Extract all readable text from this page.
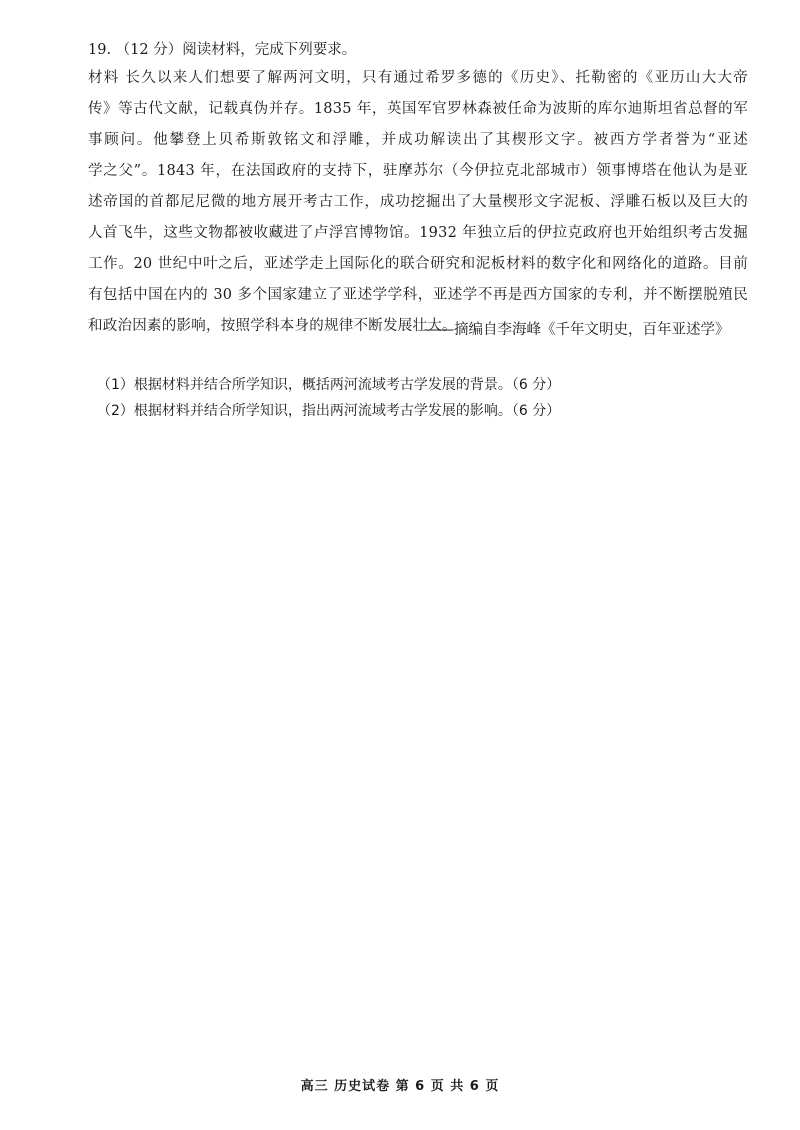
19. （12 分）阅读材料，完成下列要求。
材料 长久以来人们想要了解两河文明，只有通过希罗多德的《历史》、托勒密的《亚历山大大帝
传》等古代文献，记载真伪并存。1835 年，英国军官罗林森被任命为波斯的库尔迪斯坦省总督的军
事顾问。他攀登上贝希斯敦铭文和浮雕，并成功解读出了其楔形文字。被西方学者誉为“亚述
学之父”。1843 年，在法国政府的支持下，驻摩苏尔（今伊拉克北部城市）领事博塔在他认为是亚
述帝国的首都尼尼微的地方展开考古工作，成功挖掘出了大量楔形文字泥板、浮雕石板以及巨大的
人首飞牛，这些文物都被收藏进了卢浮宫博物馆。1932 年独立后的伊拉克政府也开始组织考古发掘
工作。20 世纪中叶之后，亚述学走上国际化的联合研究和泥板材料的数字化和网络化的道路。目前
有包括中国在内的 30 多个国家建立了亚述学学科，亚述学不再是西方国家的专利，并不断摆脱殖民
和政治因素的影响，按照学科本身的规律不断发展壮大。
——摘编自李海峰《千年文明史，百年亚述学》
（1）根据材料并结合所学知识，概括两河流域考古学发展的背景。（6 分）
（2）根据材料并结合所学知识，指出两河流域考古学发展的影响。（6 分）
高三 历史试卷 第 6 页 共 6 页
